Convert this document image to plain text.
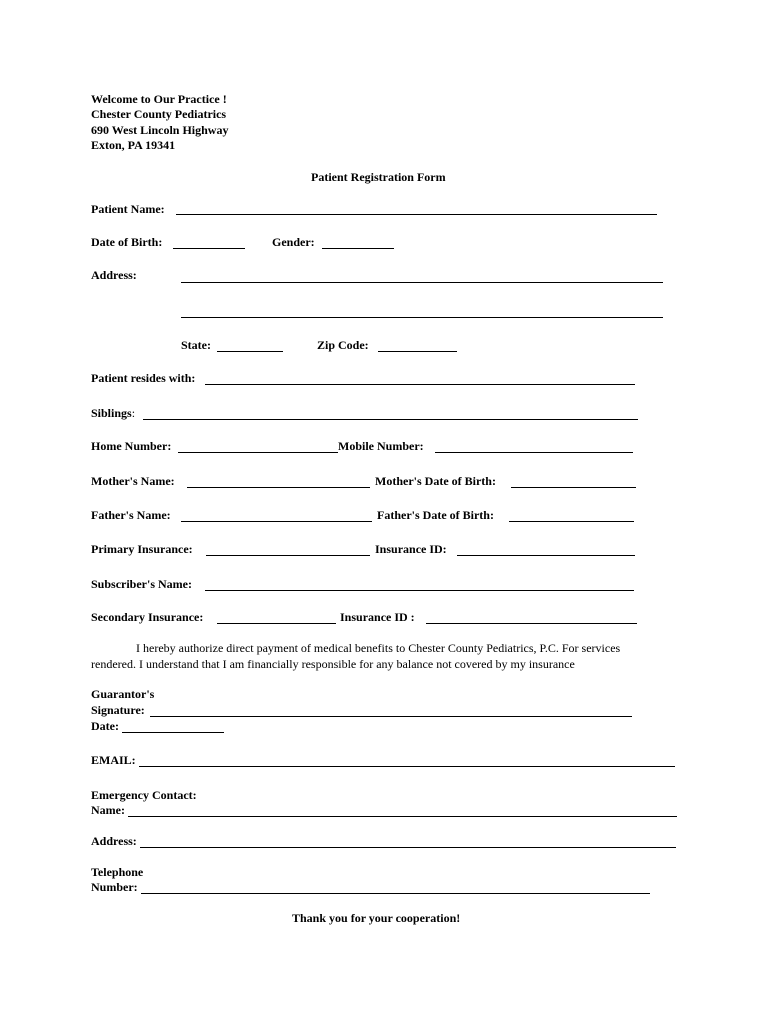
Welcome to Our Practice !
Chester County Pediatrics
690 West Lincoln Highway
Exton, PA 19341
Patient Registration Form
Patient Name:
Date of Birth:	Gender:
Address:
State:	Zip Code:
Patient resides with:
Siblings:
Home Number:	Mobile Number:
Mother's Name:	Mother's Date of Birth:
Father's Name:	Father's Date of Birth:
Primary Insurance:	Insurance ID:
Subscriber's Name:
Secondary Insurance:	Insurance ID :
I hereby authorize direct payment of medical benefits to Chester County Pediatrics, P.C. For services
rendered. I understand that I am financially responsible for any balance not covered by my insurance
Guarantor's
Signature:
Date:
EMAIL:
Emergency Contact:
Name:
Address:
Telephone
Number:
Thank you for your cooperation!
